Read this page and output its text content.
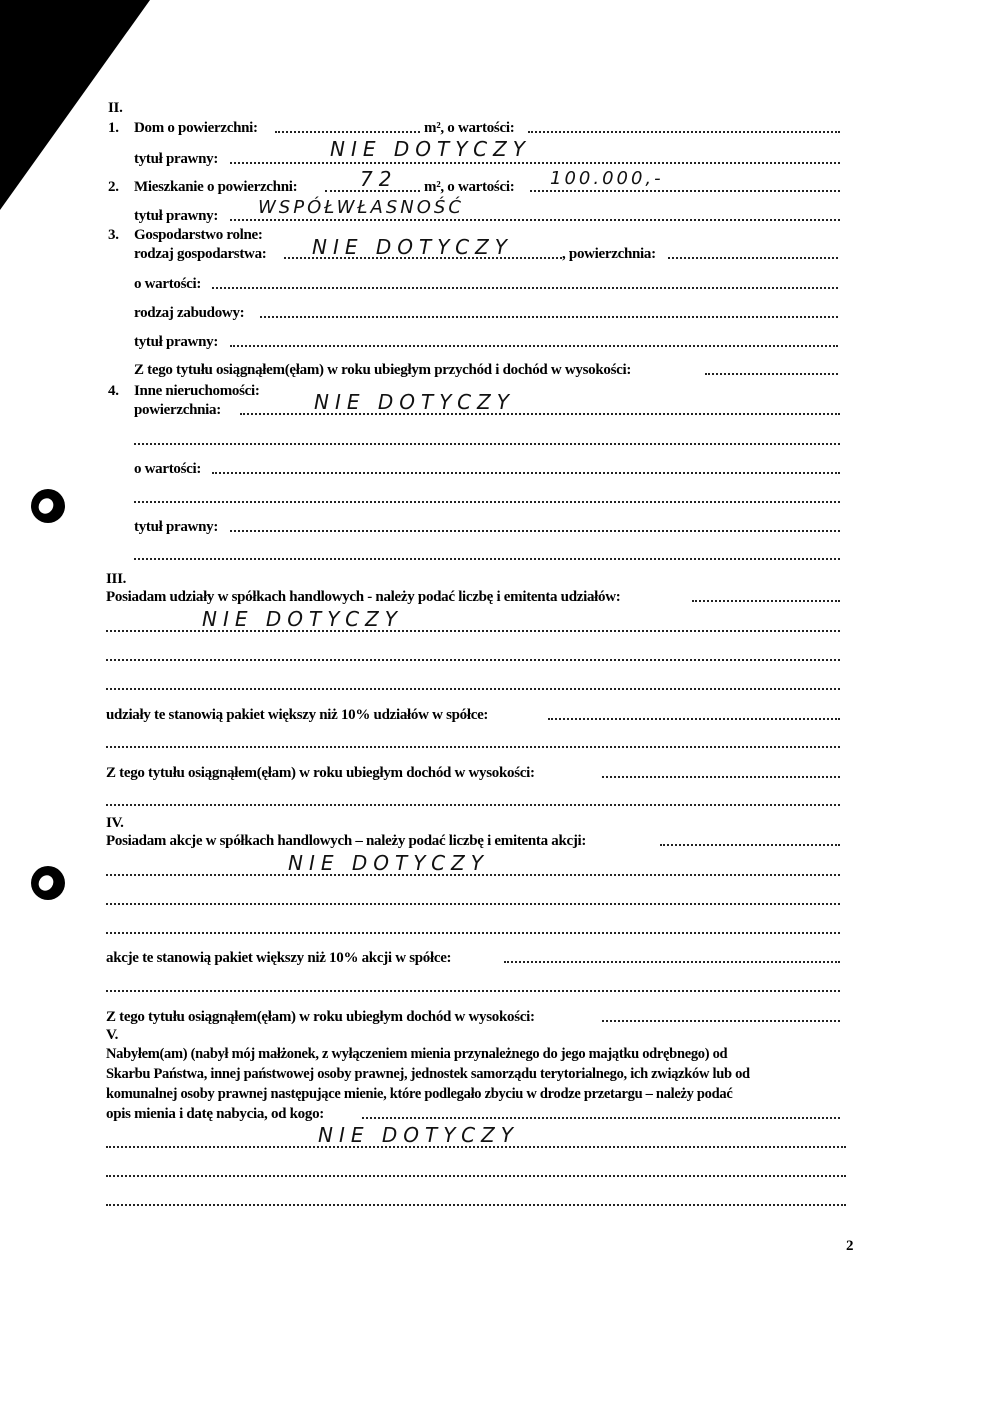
II.
1. Dom o powierzchni:	m², o wartości:
tytuł prawny:	NIE DOTYCZY
2. Mieszkanie o powierzchni:	72 m², o wartości: 100.000,-
tytuł prawny: WSPÓŁWŁASNOŚĆ
3. Gospodarstwo rolne:
rodzaj gospodarstwa: NIE DOTYCZY	, powierzchnia:
o wartości:
rodzaj zabudowy:
tytuł prawny:
Z tego tytułu osiągnąłem(ęłam) w roku ubiegłym przychód i dochód w wysokości:
4. Inne nieruchomości:
powierzchnia:	NIE DOTYCZY
o wartości:
tytuł prawny:
III.
Posiadam udziały w spółkach handlowych - należy podać liczbę i emitenta udziałów:
NIE DOTYCZY
udziały te stanowią pakiet większy niż 10% udziałów w spółce:
Z tego tytułu osiągnąłem(ęłam) w roku ubiegłym dochód w wysokości:
IV.
Posiadam akcje w spółkach handlowych – należy podać liczbę i emitenta akcji:
NIE DOTYCZY
akcje te stanowią pakiet większy niż 10% akcji w spółce:
Z tego tytułu osiągnąłem(ęłam) w roku ubiegłym dochód w wysokości:
V.
Nabyłem(am) (nabył mój małżonek, z wyłączeniem mienia przynależnego do jego majątku odrębnego) od
Skarbu Państwa, innej państwowej osoby prawnej, jednostek samorządu terytorialnego, ich związków lub od
komunalnej osoby prawnej następujące mienie, które podlegało zbyciu w drodze przetargu – należy podać
opis mienia i datę nabycia, od kogo:
NIE DOTYCZY
2
